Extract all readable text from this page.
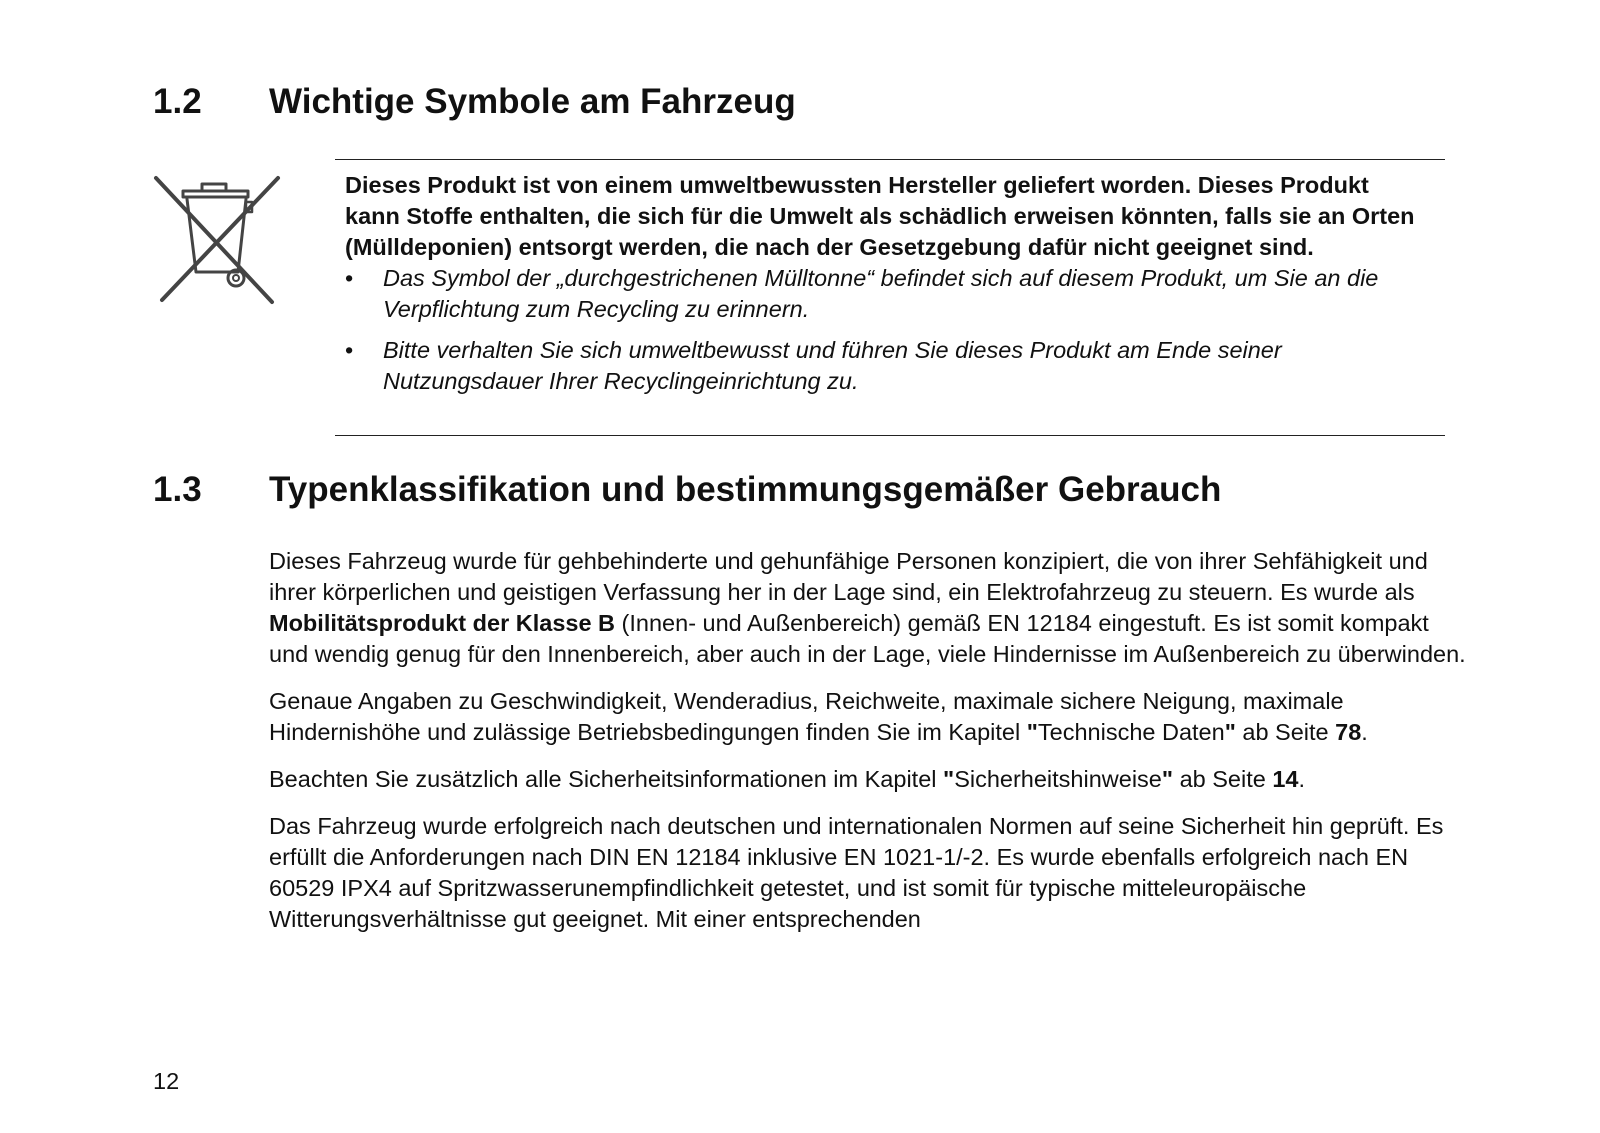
1.2 Wichtige Symbole am Fahrzeug

Dieses Produkt ist von einem umweltbewussten Hersteller geliefert worden. Dieses Produkt kann Stoffe enthalten, die sich für die Umwelt als schädlich erweisen könnten, falls sie an Orten (Mülldeponien) entsorgt werden, die nach der Gesetzgebung dafür nicht geeignet sind.

• Das Symbol der „durchgestrichenen Mülltonne“ befindet sich auf diesem Produkt, um Sie an die Verpflichtung zum Recycling zu erinnern.
• Bitte verhalten Sie sich umweltbewusst und führen Sie dieses Produkt am Ende seiner Nutzungsdauer Ihrer Recyclingeinrichtung zu.
1.3 Typenklassifikation und bestimmungsgemäßer Gebrauch

Dieses Fahrzeug wurde für gehbehinderte und gehunfähige Personen konzipiert, die von ihrer Sehfähigkeit und ihrer körperlichen und geistigen Verfassung her in der Lage sind, ein Elektrofahrzeug zu steuern. Es wurde als Mobilitätsprodukt der Klasse B (Innen- und Außenbereich) gemäß EN 12184 eingestuft. Es ist somit kompakt und wendig genug für den Innenbereich, aber auch in der Lage, viele Hindernisse im Außenbereich zu überwinden.

Genaue Angaben zu Geschwindigkeit, Wenderadius, Reichweite, maximale sichere Neigung, maximale Hindernishöhe und zulässige Betriebsbedingungen finden Sie im Kapitel "Technische Daten" ab Seite 78.

Beachten Sie zusätzlich alle Sicherheitsinformationen im Kapitel "Sicherheitshinweise" ab Seite 14.

Das Fahrzeug wurde erfolgreich nach deutschen und internationalen Normen auf seine Sicherheit hin geprüft. Es erfüllt die Anforderungen nach DIN EN 12184 inklusive EN 1021-1/-2. Es wurde ebenfalls erfolgreich nach EN 60529 IPX4 auf Spritzwasserunempfindlichkeit getestet, und ist somit für typische mitteleuropäische Witterungsverhältnisse gut geeignet. Mit einer entsprechenden

12
